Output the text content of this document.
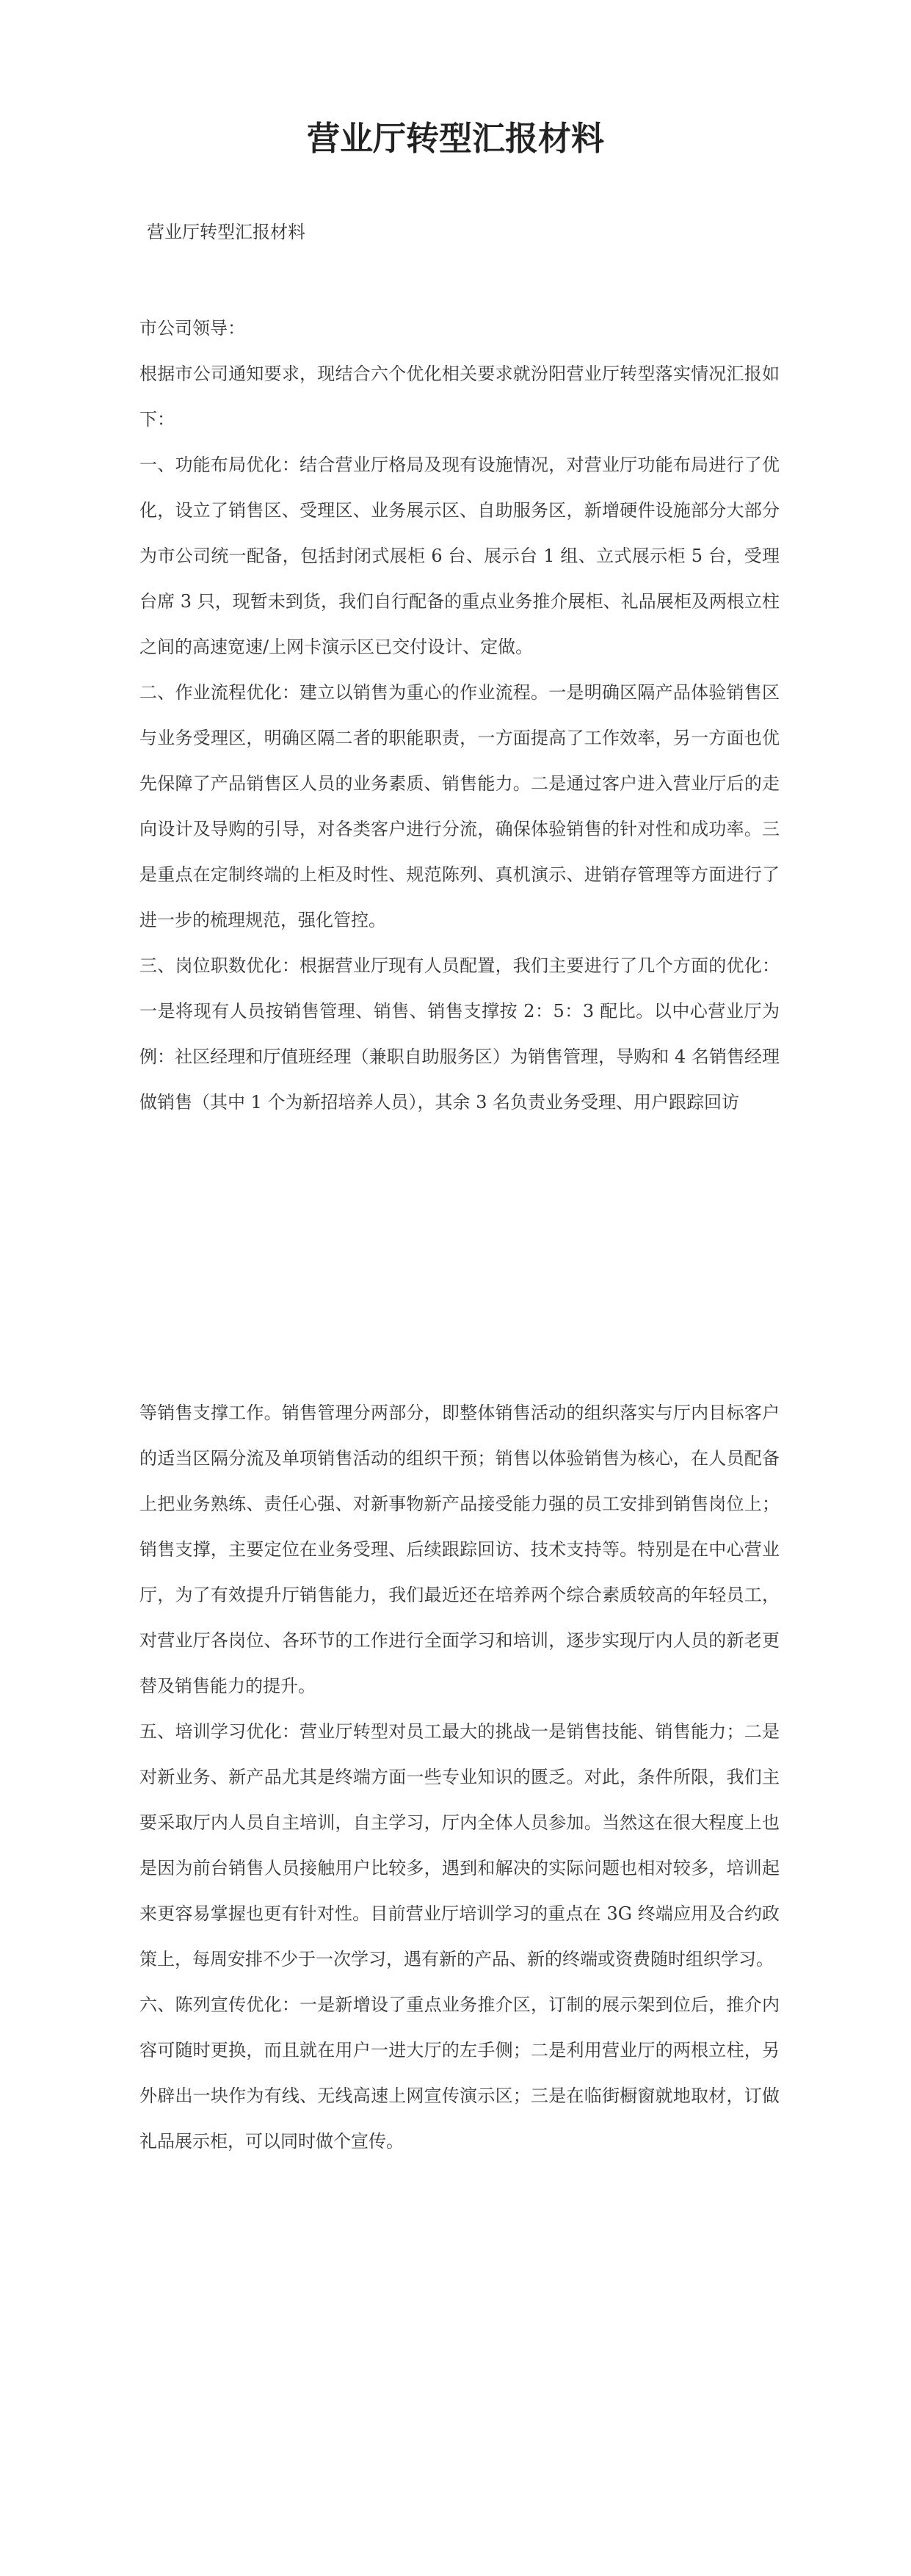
营业厅转型汇报材料
营业厅转型汇报材料

市公司领导：

根据市公司通知要求，现结合六个优化相关要求就汾阳营业厅转型落实情况汇报如下：

一、功能布局优化：结合营业厅格局及现有设施情况，对营业厅功能布局进行了优化，设立了销售区、受理区、业务展示区、自助服务区，新增硬件设施部分大部分为市公司统一配备，包括封闭式展柜 6 台、展示台 1 组、立式展示柜 5 台，受理台席 3 只，现暂未到货，我们自行配备的重点业务推介展柜、礼品展柜及两根立柱之间的高速宽速/上网卡演示区已交付设计、定做。

二、作业流程优化：建立以销售为重心的作业流程。一是明确区隔产品体验销售区与业务受理区，明确区隔二者的职能职责，一方面提高了工作效率，另一方面也优先保障了产品销售区人员的业务素质、销售能力。二是通过客户进入营业厅后的走向设计及导购的引导，对各类客户进行分流，确保体验销售的针对性和成功率。三是重点在定制终端的上柜及时性、规范陈列、真机演示、进销存管理等方面进行了进一步的梳理规范，强化管控。

三、岗位职数优化：根据营业厅现有人员配置，我们主要进行了几个方面的优化：一是将现有人员按销售管理、销售、销售支撑按 2：5：3 配比。以中心营业厅为例：社区经理和厅值班经理（兼职自助服务区）为销售管理，导购和 4 名销售经理做销售（其中 1 个为新招培养人员），其余 3 名负责业务受理、用户跟踪回访

等销售支撑工作。销售管理分两部分，即整体销售活动的组织落实与厅内目标客户的适当区隔分流及单项销售活动的组织干预；销售以体验销售为核心，在人员配备上把业务熟练、责任心强、对新事物新产品接受能力强的员工安排到销售岗位上；销售支撑，主要定位在业务受理、后续跟踪回访、技术支持等。特别是在中心营业厅，为了有效提升厅销售能力，我们最近还在培养两个综合素质较高的年轻员工，对营业厅各岗位、各环节的工作进行全面学习和培训，逐步实现厅内人员的新老更替及销售能力的提升。

五、培训学习优化：营业厅转型对员工最大的挑战一是销售技能、销售能力；二是对新业务、新产品尤其是终端方面一些专业知识的匮乏。对此，条件所限，我们主要采取厅内人员自主培训，自主学习，厅内全体人员参加。当然这在很大程度上也是因为前台销售人员接触用户比较多，遇到和解决的实际问题也相对较多，培训起来更容易掌握也更有针对性。目前营业厅培训学习的重点在 3G 终端应用及合约政策上，每周安排不少于一次学习，遇有新的产品、新的终端或资费随时组织学习。

六、陈列宣传优化：一是新增设了重点业务推介区，订制的展示架到位后，推介内容可随时更换，而且就在用户一进大厅的左手侧；二是利用营业厅的两根立柱，另外辟出一块作为有线、无线高速上网宣传演示区；三是在临街橱窗就地取材，订做礼品展示柜，可以同时做个宣传。
